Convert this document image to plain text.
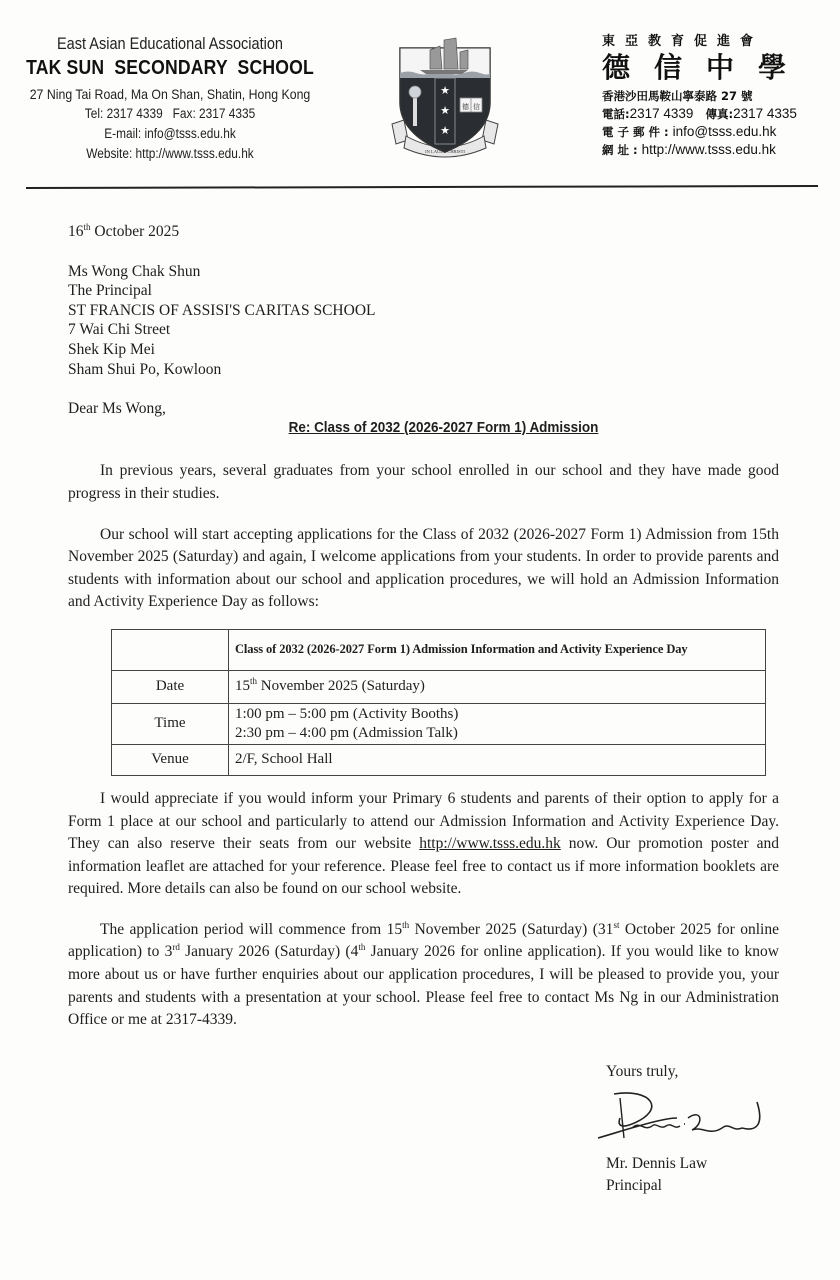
East Asian Educational Association
TAK SUN  SECONDARY  SCHOOL
27 Ning Tai Road, Ma On Shan, Shatin, Hong Kong
Tel: 2317 4339   Fax: 2317 4335
E-mail: info@tsss.edu.hk
Website: http://www.tsss.edu.hk
★
★
★
德 信
IN LAUDE CHRISTI
東亞教育促進會
德信中學
香港沙田馬鞍山寧泰路 27 號
電話:2317 4339 傳真:2317 4335
電 子 郵 件 : info@tsss.edu.hk
網 址 : http://www.tsss.edu.hk
16th October 2025
Ms Wong Chak Shun
The Principal
ST FRANCIS OF ASSISI'S CARITAS SCHOOL
7 Wai Chi Street
Shek Kip Mei
Sham Shui Po, Kowloon
Dear Ms Wong,
Re: Class of 2032 (2026-2027 Form 1) Admission

In previous years, several graduates from your school enrolled in our school and they have made good progress in their studies.

Our school will start accepting applications for the Class of 2032 (2026-2027 Form 1) Admission from 15th November 2025 (Saturday) and again, I welcome applications from your students. In order to provide parents and students with information about our school and application procedures, we will hold an Admission Information and Activity Experience Day as follows:

	Class of 2032 (2026-2027 Form 1) Admission Information and Activity Experience Day
Date	15th November 2025 (Saturday)
Time	1:00 pm – 5:00 pm (Activity Booths)
2:30 pm – 4:00 pm (Admission Talk)

Venue	2/F, School Hall

I would appreciate if you would inform your Primary 6 students and parents of their option to apply for a Form 1 place at our school and particularly to attend our Admission Information and Activity Experience Day. They can also reserve their seats from our website http://www.tsss.edu.hk now. Our promotion poster and information leaflet are attached for your reference. Please feel free to contact us if more information booklets are required. More details can also be found on our school website.

The application period will commence from 15th November 2025 (Saturday) (31st October 2025 for online application) to 3rd January 2026 (Saturday) (4th January 2026 for online application). If you would like to know more about us or have further enquiries about our application procedures, I will be pleased to provide you, your parents and students with a presentation at your school. Please feel free to contact Ms Ng in our Administration Office or me at 2317-4339.

Yours truly,
Mr. Dennis Law
Principal
